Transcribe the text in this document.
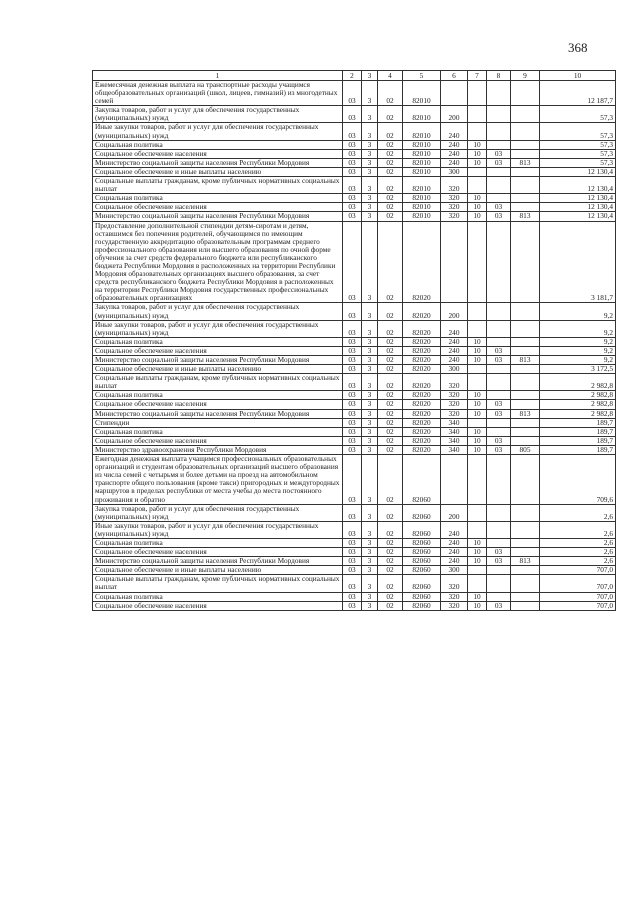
368
1	2	3	4	5	6	7	8	9	10
Ежемесячная денежная выплата на транспортные расходы учащимся общеобразовательных организаций (школ, лицеев, гимназий) из многодетных семей	03	3	02	82010					12 187,7
Закупка товаров, работ и услуг для обеспечения государственных (муниципальных) нужд	03	3	02	82010	200				57,3
Иные закупки товаров, работ и услуг для обеспечения государственных (муниципальных) нужд	03	3	02	82010	240				57,3
Социальная политика	03	3	02	82010	240	10			57,3
Социальное обеспечение населения	03	3	02	82010	240	10	03		57,3
Министерство социальной защиты населения Республики Мордовия	03	3	02	82010	240	10	03	813	57,3
Социальное обеспечение и иные выплаты населению	03	3	02	82010	300				12 130,4
Социальные выплаты гражданам, кроме публичных нормативных социальных выплат	03	3	02	82010	320				12 130,4
Социальная политика	03	3	02	82010	320	10			12 130,4
Социальное обеспечение населения	03	3	02	82010	320	10	03		12 130,4
Министерство социальной защиты населения Республики Мордовия	03	3	02	82010	320	10	03	813	12 130,4
Предоставление дополнительной стипендии детям-сиротам и детям, оставшимся без попечения родителей, обучающимся по имеющим государственную аккредитацию образовательным программам среднего профессионального образования или высшего образования по очной форме обучения за счет средств федерального бюджета или республиканского бюджета Республики Мордовия в расположенных на территории Республики Мордовия образовательных организациях высшего образования, за счет средств республиканского бюджета Республики Мордовия в расположенных на территории Республики Мордовия государственных профессиональных образовательных организациях	03	3	02	82020					3 181,7
Закупка товаров, работ и услуг для обеспечения государственных (муниципальных) нужд	03	3	02	82020	200				9,2
Иные закупки товаров, работ и услуг для обеспечения государственных (муниципальных) нужд	03	3	02	82020	240				9,2
Социальная политика	03	3	02	82020	240	10			9,2
Социальное обеспечение населения	03	3	02	82020	240	10	03		9,2
Министерство социальной защиты населения Республики Мордовия	03	3	02	82020	240	10	03	813	9,2
Социальное обеспечение и иные выплаты населению	03	3	02	82020	300				3 172,5
Социальные выплаты гражданам, кроме публичных нормативных социальных выплат	03	3	02	82020	320				2 982,8
Социальная политика	03	3	02	82020	320	10			2 982,8
Социальное обеспечение населения	03	3	02	82020	320	10	03		2 982,8
Министерство социальной защиты населения Республики Мордовия	03	3	02	82020	320	10	03	813	2 982,8
Стипендии	03	3	02	82020	340				189,7
Социальная политика	03	3	02	82020	340	10			189,7
Социальное обеспечение населения	03	3	02	82020	340	10	03		189,7
Министерство здравоохранения Республики Мордовия	03	3	02	82020	340	10	03	805	189,7
Ежегодная денежная выплата учащимся профессиональных образовательных организаций и студентам образовательных организаций высшего образования из числа семей с четырьмя и более детьми на проезд на автомобильном транспорте общего пользования (кроме такси) пригородных и междугородных маршрутов в пределах республики от места учебы до места постоянного проживания и обратно	03	3	02	82060					709,6
Закупка товаров, работ и услуг для обеспечения государственных (муниципальных) нужд	03	3	02	82060	200				2,6
Иные закупки товаров, работ и услуг для обеспечения государственных (муниципальных) нужд	03	3	02	82060	240				2,6
Социальная политика	03	3	02	82060	240	10			2,6
Социальное обеспечение населения	03	3	02	82060	240	10	03		2,6
Министерство социальной защиты населения Республики Мордовия	03	3	02	82060	240	10	03	813	2,6
Социальное обеспечение и иные выплаты населению	03	3	02	82060	300				707,0
Социальные выплаты гражданам, кроме публичных нормативных социальных выплат	03	3	02	82060	320				707,0
Социальная политика	03	3	02	82060	320	10			707,0
Социальное обеспечение населения	03	3	02	82060	320	10	03		707,0
